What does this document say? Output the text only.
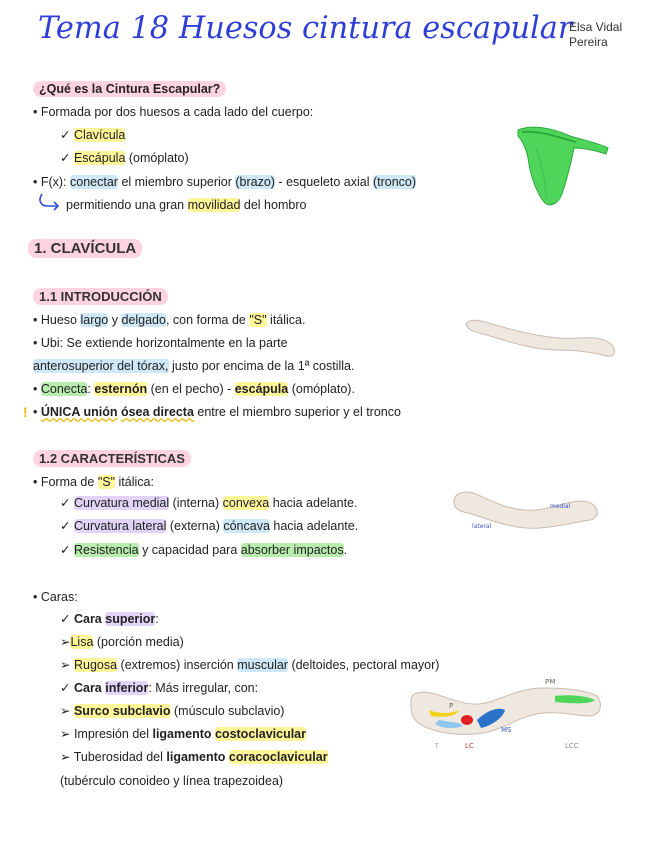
Tema 18 Huesos cintura escapular
Elsa Vidal
Pereira
¿Qué es la Cintura Escapular?
• Formada por dos huesos a cada lado del cuerpo:
✓ Clavícula
✓ Escápula (omóplato)
• F(x): conectar el miembro superior (brazo) - esqueleto axial (tronco)
permitiendo una gran movilidad del hombro
1. CLAVÍCULA
1.1 INTRODUCCIÓN
• Hueso largo y delgado, con forma de "S" itálica.
• Ubi: Se extiende horizontalmente en la parte
anterosuperior del tórax, justo por encima de la 1ª costilla.
• Conecta: esternón (en el pecho) - escápula (omóplato).
! • ÚNICA unión ósea directa entre el miembro superior y el tronco
1.2 CARACTERÍSTICAS
• Forma de "S" itálica:
✓ Curvatura medial (interna) convexa hacia adelante.
✓ Curvatura lateral (externa) cóncava hacia adelante.
✓ Resistencia y capacidad para absorber impactos.
lateral
medial
• Caras:
✓ Cara superior:
➢Lisa (porción media)
➢ Rugosa (extremos) inserción muscular (deltoides, pectoral mayor)
✓ Cara inferior: Más irregular, con:
➢ Surco subclavio (músculo subclavio)
➢ Impresión del ligamento costoclavicular
➢ Tuberosidad del ligamento coracoclavicular
(tubérculo conoideo y línea trapezoidea)
PM
P
MS
LC
T	LCC
